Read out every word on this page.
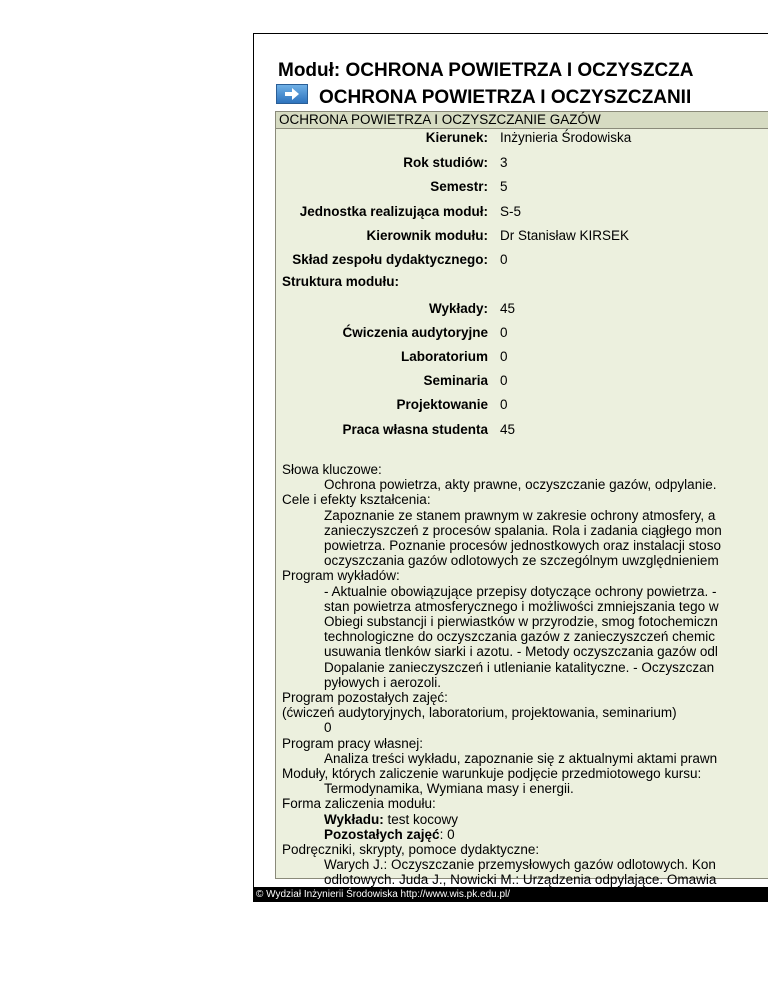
Moduł: OCHRONA POWIETRZA I OCZYSZCZA
OCHRONA POWIETRZA I OCZYSZCZANII
OCHRONA POWIETRZA I OCZYSZCZANIE GAZÓW
Kierunek: Inżynieria Środowiska
Rok studiów: 3
Semestr: 5
Jednostka realizująca moduł: S-5
Kierownik modułu: Dr Stanisław KIRSEK
Skład zespołu dydaktycznego: 0
Struktura modułu:
Wykłady: 45
Ćwiczenia audytoryjne 0
Laboratorium 0
Seminaria 0
Projektowanie 0
Praca własna studenta 45
Słowa kluczowe:
Ochrona powietrza, akty prawne, oczyszczanie gazów, odpylanie.
Cele i efekty kształcenia:
Zapoznanie ze stanem prawnym w zakresie ochrony atmosfery, a
zanieczyszczeń z procesów spalania. Rola i zadania ciągłego mon
powietrza. Poznanie procesów jednostkowych oraz instalacji stoso
oczyszczania gazów odlotowych ze szczególnym uwzględnieniem
Program wykładów:
- Aktualnie obowiązujące przepisy dotyczące ochrony powietrza. -
stan powietrza atmosferycznego i możliwości zmniejszania tego w
Obiegi substancji i pierwiastków w przyrodzie, smog fotochemiczn
technologiczne do oczyszczania gazów z zanieczyszczeń chemic
usuwania tlenków siarki i azotu. - Metody oczyszczania gazów odl
Dopalanie zanieczyszczeń i utlenianie katalityczne. - Oczyszczan
pyłowych i aerozoli.
Program pozostałych zajęć:
(ćwiczeń audytoryjnych, laboratorium, projektowania, seminarium)
0
Program pracy własnej:
Analiza treści wykładu, zapoznanie się z aktualnymi aktami prawn
Moduły, których zaliczenie warunkuje podjęcie przedmiotowego kursu:
Termodynamika, Wymiana masy i energii.
Forma zaliczenia modułu:
Wykładu: test kocowy
Pozostałych zajęć: 0
Podręczniki, skrypty, pomoce dydaktyczne:
Warych J.: Oczyszczanie przemysłowych gazów odlotowych. Kon
odlotowych. Juda J., Nowicki M.: Urządzenia odpylające. Omawia
© Wydział Inżynierii Środowiska http://www.wis.pk.edu.pl/
